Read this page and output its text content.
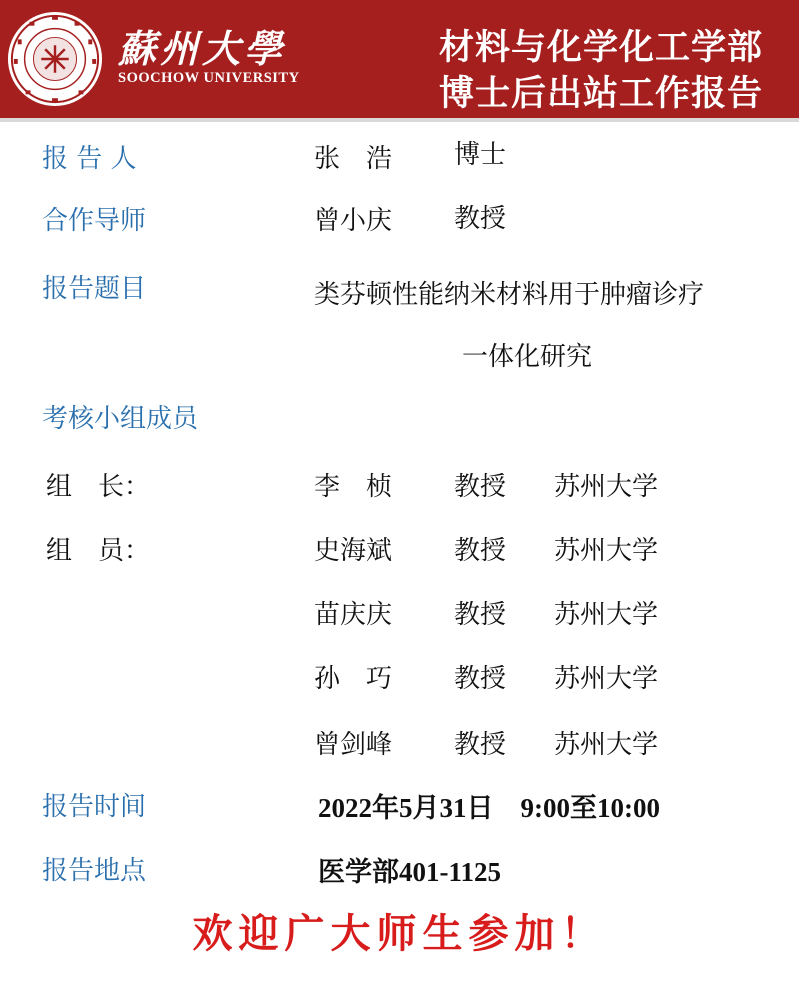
蘇州大學
SOOCHOW UNIVERSITY
材料与化学化工学部
博士后出站工作报告
报 告 人	张　浩 博士
合作导师	曾小庆 教授
报告题目	类芬顿性能纳米材料用于肿瘤诊疗
一体化研究
考核小组成员
组　长：	李　桢 教授 苏州大学
组　员：	史海斌 教授 苏州大学
苗庆庆 教授 苏州大学
孙　巧 教授 苏州大学
曾剑峰 教授 苏州大学
报告时间	2022年5月31日　9:00至10:00
报告地点	医学部401-1125
欢迎广大师生参加！
